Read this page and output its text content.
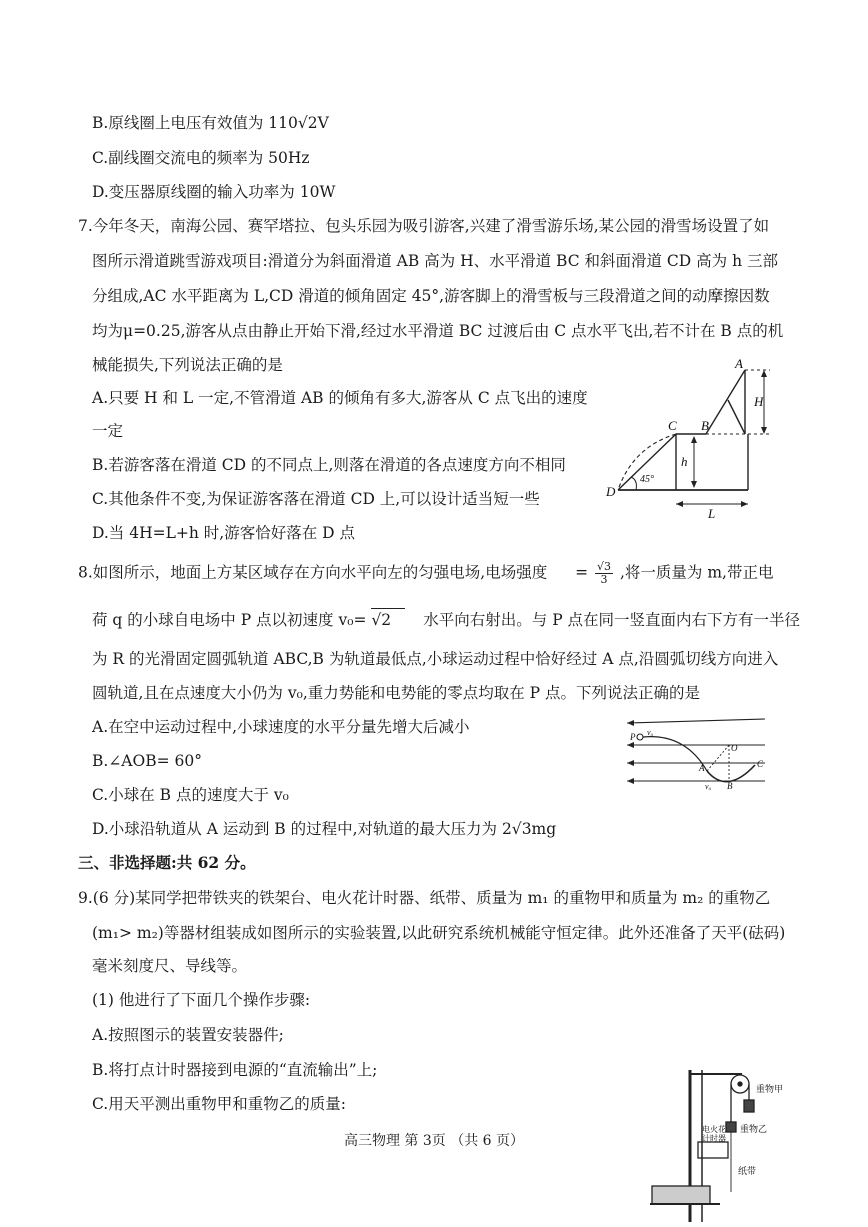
B.原线圈上电压有效值为 110√2V
C.副线圈交流电的频率为 50Hz
D.变压器原线圈的输入功率为 10W
7.今年冬天，南海公园、赛罕塔拉、包头乐园为吸引游客,兴建了滑雪游乐场,某公园的滑雪场设置了如
图所示滑道跳雪游戏项目:滑道分为斜面滑道 AB 高为 H、水平滑道 BC 和斜面滑道 CD 高为 h 三部
分组成,AC 水平距离为 L,CD 滑道的倾角固定 45°,游客脚上的滑雪板与三段滑道之间的动摩擦因数
均为μ=0.25,游客从点由静止开始下滑,经过水平滑道 BC 过渡后由 C 点水平飞出,若不计在 B 点的机
械能损失,下列说法正确的是
A.只要 H 和 L 一定,不管滑道 AB 的倾角有多大,游客从 C 点飞出的速度
一定
B.若游客落在滑道 CD 的不同点上,则落在滑道的各点速度方向不相同
C.其他条件不变,为保证游客落在滑道 CD 上,可以设计适当短一些
D.当 4H=L+h 时,游客恰好落在 D 点
A
B
C
D
H
h
L
45°
8.如图所示，地面上方某区域存在方向水平向左的匀强电场,电场强度 = $\frac{√3}{3}$ ,将一质量为 m,带正电
荷 q 的小球自电场中 P 点以初速度 v₀= √2 水平向右射出。与 P 点在同一竖直面内右下方有一半径
为 R 的光滑固定圆弧轨道 ABC,B 为轨道最低点,小球运动过程中恰好经过 A 点,沿圆弧切线方向进入
圆轨道,且在点速度大小仍为 v₀,重力势能和电势能的零点均取在 P 点。下列说法正确的是
A.在空中运动过程中,小球速度的水平分量先增大后减小
B.∠AOB= 60°
C.小球在 B 点的速度大于 v₀
D.小球沿轨道从 A 运动到 B 的过程中,对轨道的最大压力为 2√3mg
P v₀
O
A
B
C
v₀
三、非选择题:共 62 分。
9.(6 分)某同学把带铁夹的铁架台、电火花计时器、纸带、质量为 m₁ 的重物甲和质量为 m₂ 的重物乙
(m₁> m₂)等器材组装成如图所示的实验装置,以此研究系统机械能守恒定律。此外还准备了天平(砝码)
毫米刻度尺、导线等。
(1) 他进行了下面几个操作步骤:
A.按照图示的装置安装器件;
B.将打点计时器接到电源的“直流输出”上;
C.用天平测出重物甲和重物乙的质量:
重物甲
重物乙
电火花
计时器
纸带
高三物理 第 3页 （共 6 页）
